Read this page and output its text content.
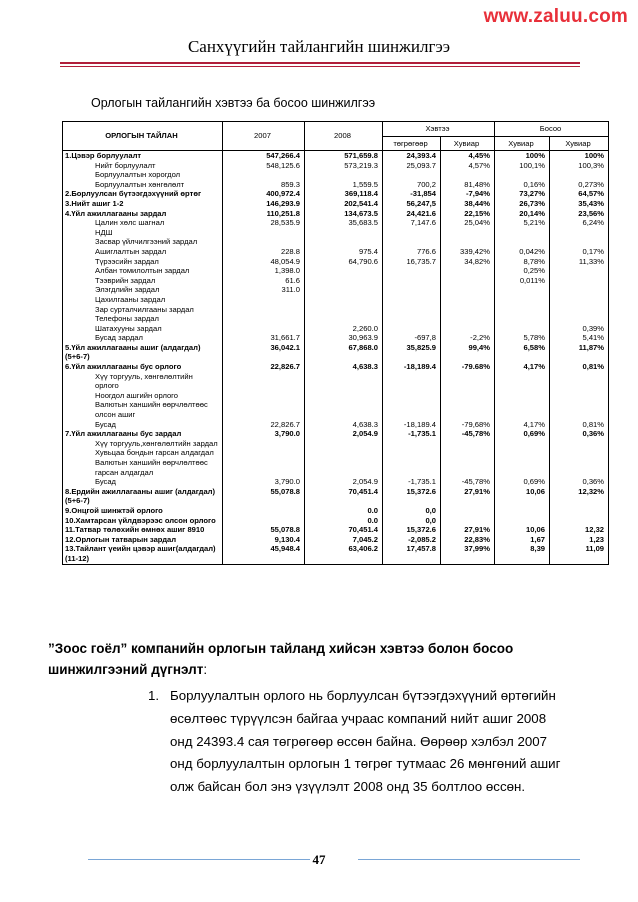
www.zaluu.com
Санхүүгийн тайлангийн шинжилгээ
Орлогын тайлангийн хэвтээ ба босоо шинжилгээ
ОРЛОГЫН ТАЙЛАН	2007	2008	Хэвтээ		Босоо	
			төгрөгөөр	Хувиар	Хувиар	Хувиар
1.Цэвэр борлуулалт	547,266.4	571,659.8	24,393.4	4,45%	100%	100%
Нийт борлуулалт	548,125.6	573,219.3	25,093.7	4,57%	100,1%	100,3%
Борлуулалтын хорогдол						
Борлуулалтын хөнгөлөлт	859.3	1,559.5	700,2	81,48%	0,16%	0,273%
2.Борлуулсан бүтээгдэхүүний өртөг	400,972.4	369,118.4	-31,854	-7,94%	73,27%	64,57%
3.Нийт ашиг 1-2	146,293.9	202,541.4	56,247,5	38,44%	26,73%	35,43%
4.Үйл ажиллагааны зардал	110,251.8	134,673.5	24,421.6	22,15%	20,14%	23,56%
Цалин хөлс шагнал	28,535.9	35,683.5	7,147.6	25,04%	5,21%	6,24%
НДШ						
Засвар үйлчилгээний зардал						
Ашиглалтын зардал	228.8	975.4	776.6	339,42%	0,042%	0,17%
Түрээсийн зардал	48,054.9	64,790.6	16,735.7	34,82%	8,78%	11,33%
Албан томилолтын зардал	1,398.0				0,25%	
Тээврийн зардал	61.6				0,011%	
Элэгдлийн зардал	311.0					
Цахилгааны зардал						
Зар сурталчилгааны зардал						
Телефоны зардал						
Шатахууны зардал		2,260.0				0,39%
Бусад зардал	31,661.7	30,963.9	-697,8	-2,2%	5,78%	5,41%
5.Үйл ажиллагааны ашиг (алдагдал) (5+6-7)	36,042.1	67,868.0	35,825.9	99,4%	6,58%	11,87%
6.Үйл ажиллагааны бус орлого	22,826.7	4,638.3	-18,189.4	-79.68%	4,17%	0,81%
Хүү торгууль, хөнгөлөлтийн орлого						
Ноогдол ашгийн орлого						
Валютын ханшийн өөрчлөлтөөс олсон ашиг						
Бусад	22,826.7	4,638.3	-18,189.4	-79,68%	4,17%	0,81%
7.Үйл ажиллагааны бус зардал	3,790.0	2,054.9	-1,735.1	-45,78%	0,69%	0,36%
Хүү торгууль,хөнгөлөлтийн зардал						
Хувьцаа бондын гарсан алдагдал						
Валютын ханшийн өөрчлөлтөөс гарсан алдагдал						
Бусад	3,790.0	2,054.9	-1,735.1	-45,78%	0,69%	0,36%
8.Ердийн ажиллагааны ашиг (алдагдал) (5+6-7)	55,078.8	70,451.4	15,372.6	27,91%	10,06	12,32%
9.Онцгой шинжтэй орлого		0.0	0,0			
10.Хамтарсан үйлдвэрээс олсон орлого		0.0	0,0			
11.Татвар төлөхийн өмнөх ашиг 8910	55,078.8	70,451.4	15,372.6	27,91%	10,06	12,32
12.Орлогын татварын зардал	9,130.4	7,045.2	-2,085.2	22,83%	1,67	1,23
13.Тайлант үеийн цэвэр ашиг(алдагдал) (11-12)	45,948.4	63,406.2	17,457.8	37,99%	8,39	11,09
”Зоос гоёл” компанийн орлогын тайланд хийсэн хэвтээ болон босоо шинжилгээний дүгнэлт:
1. Борлуулалтын орлого нь борлуулсан бүтээгдэхүүний өртөгийн өсөлтөөс түрүүлсэн байгаа учраас компаний нийт ашиг 2008 онд 24393.4 сая төгрөгөөр өссөн байна. Өөрөөр хэлбэл 2007 онд борлуулалтын орлогын 1 төгрөг тутмаас 26 мөнгөний ашиг олж байсан бол энэ үзүүлэлт 2008 онд 35 болтлоо өссөн.
47
